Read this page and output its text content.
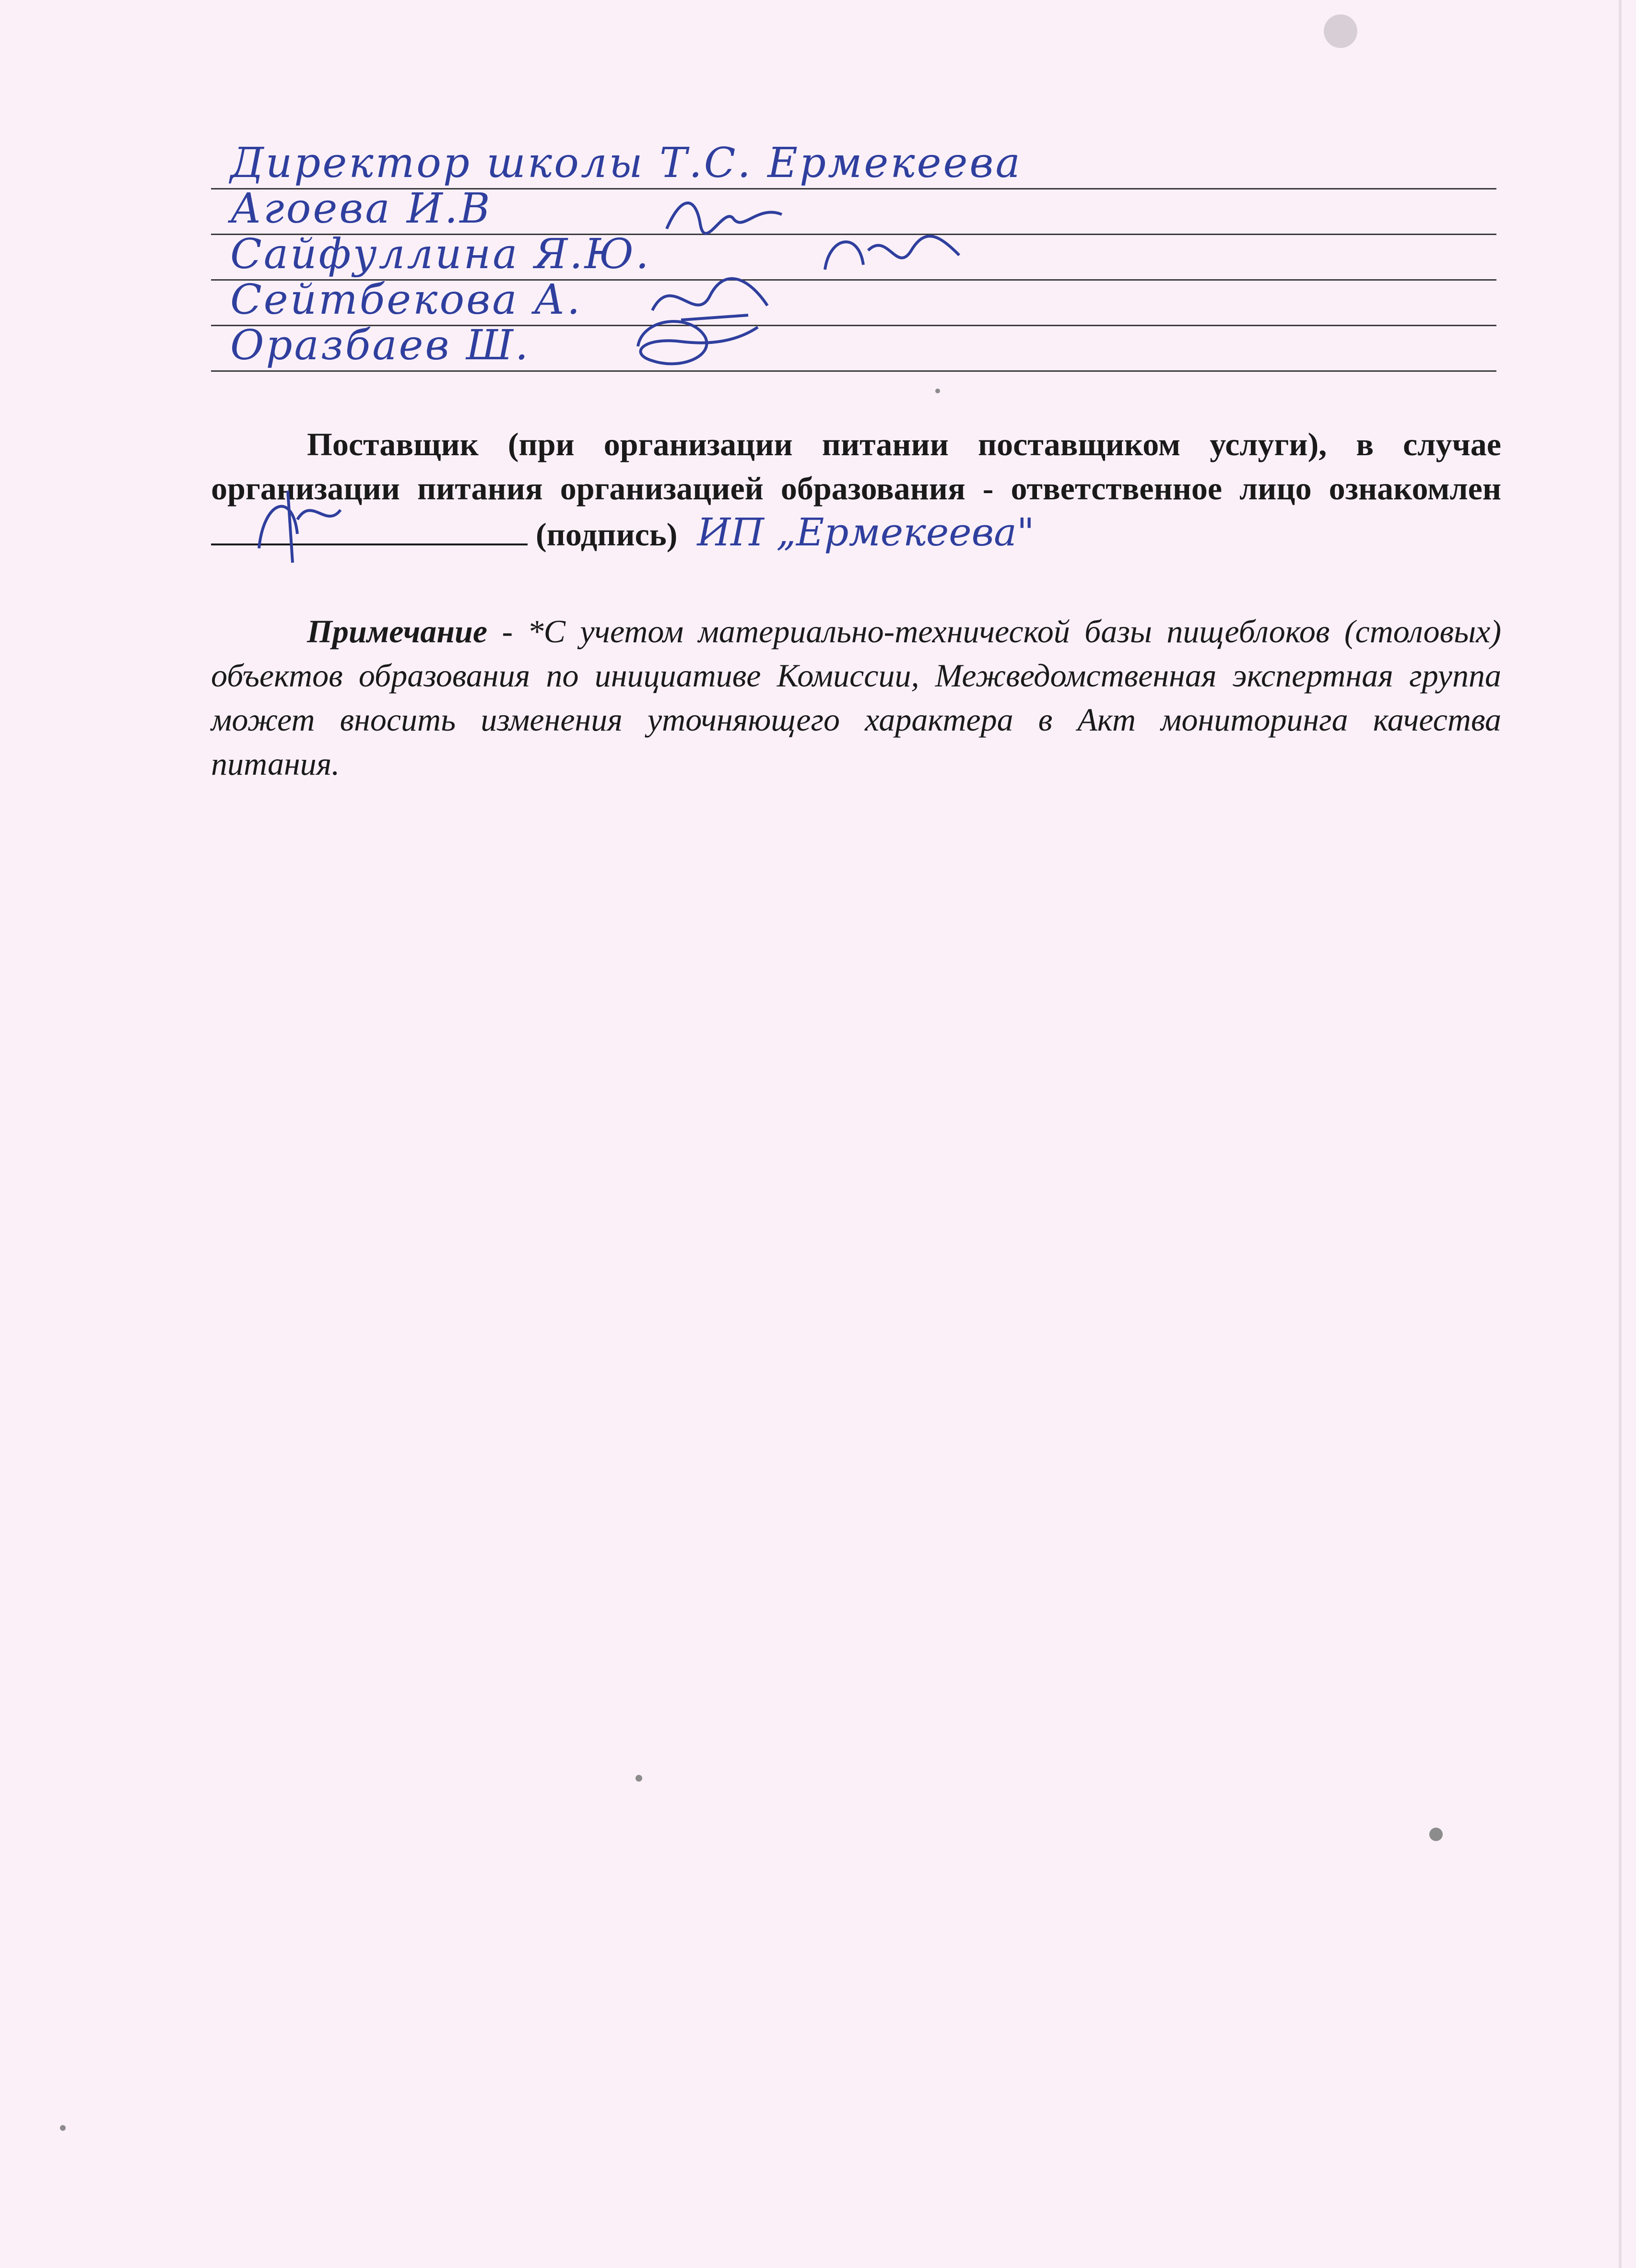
Директор школы Т.С. Ермекеева
Агоева И.В
Сайфуллина Я.Ю.
Сейтбекова А.
Оразбаев Ш.
Поставщик (при организации питании поставщиком услуги), в случае организации питания организацией образования - ответственное лицо ознакомлен
(подпись) ИП „Ермекеева"
Примечание - *С учетом материально-технической базы пищеблоков (столовых) объектов образования по инициативе Комиссии, Межведомственная экспертная группа может вносить изменения уточняющего характера в Акт мониторинга качества питания.
